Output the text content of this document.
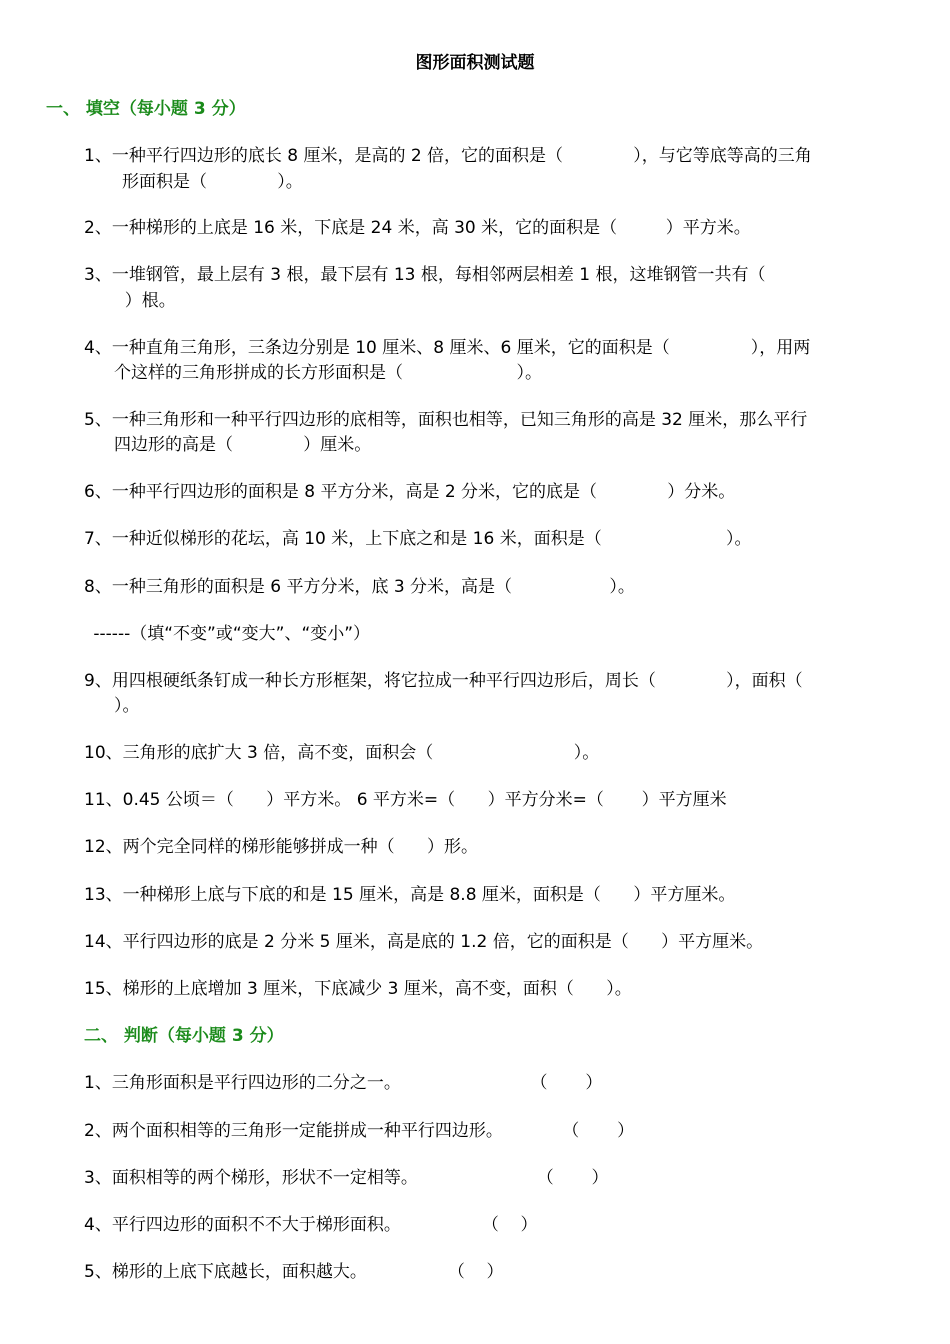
图形面积测试题
一、 填空（每小题 3 分）
1、一种平行四边形的底长 8 厘米，是高的 2 倍，它的面积是（             ），与它等底等高的三角
形面积是（             ）。
2、一种梯形的上底是 16 米，下底是 24 米，高 30 米，它的面积是（         ）平方米。
3、一堆钢管，最上层有 3 根，最下层有 13 根，每相邻两层相差 1 根，这堆钢管一共有（
）根。
4、一种直角三角形，三条边分别是 10 厘米、8 厘米、6 厘米，它的面积是（               ），用两
个这样的三角形拼成的长方形面积是（                     ）。
5、一种三角形和一种平行四边形的底相等，面积也相等，已知三角形的高是 32 厘米，那么平行
四边形的高是（             ）厘米。
6、一种平行四边形的面积是 8 平方分米，高是 2 分米，它的底是（             ）分米。
7、一种近似梯形的花坛，高 10 米，上下底之和是 16 米，面积是（                       ）。
8、一种三角形的面积是 6 平方分米，底 3 分米，高是（                  ）。
------（填“不变”或“变大”、“变小”）
9、用四根硬纸条钉成一种长方形框架，将它拉成一种平行四边形后，周长（             ），面积（
）。
10、三角形的底扩大 3 倍，高不变，面积会（                          ）。
11、0.45 公顷＝（      ）平方米。 6 平方米=（      ）平方分米=（       ）平方厘米
12、两个完全同样的梯形能够拼成一种（      ）形。
13、一种梯形上底与下底的和是 15 厘米，高是 8.8 厘米，面积是（      ）平方厘米。
14、平行四边形的底是 2 分米 5 厘米，高是底的 1.2 倍，它的面积是（      ）平方厘米。
15、梯形的上底增加 3 厘米，下底减少 3 厘米，高不变，面积（      ）。
二、 判断（每小题 3 分）
1、三角形面积是平行四边形的二分之一。                        （       ）
2、两个面积相等的三角形一定能拼成一种平行四边形。           （       ）
3、面积相等的两个梯形，形状不一定相等。                      （       ）
4、平行四边形的面积不不大于梯形面积。               （    ）
5、梯形的上底下底越长，面积越大。               （    ）
